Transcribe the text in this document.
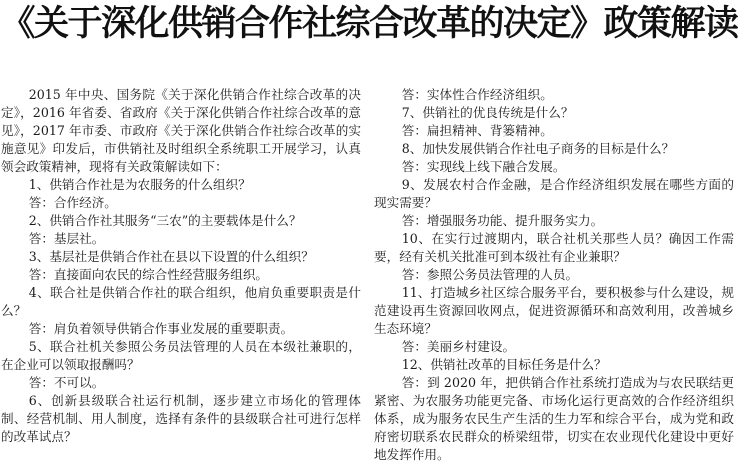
《关于深化供销合作社综合改革的决定》政策解读

2015 年中央、国务院《关于深化供销合作社综合改革的决定》，2016 年省委、省政府《关于深化供销合作社综合改革的意见》，2017 年市委、市政府《关于深化供销合作社综合改革的实施意见》印发后，市供销社及时组织全系统职工开展学习，认真领会政策精神，现将有关政策解读如下：

1、供销合作社是为农服务的什么组织？

答：合作经济。

2、供销合作社其服务“三农”的主要载体是什么？

答：基层社。

3、基层社是供销合作社在县以下设置的什么组织？

答：直接面向农民的综合性经营服务组织。

4、联合社是供销合作社的联合组织，他肩负重要职责是什么？

答：肩负着领导供销合作事业发展的重要职责。

5、联合社机关参照公务员法管理的人员在本级社兼职的，在企业可以领取报酬吗？

答：不可以。

6、创新县级联合社运行机制，逐步建立市场化的管理体制、经营机制、用人制度，选择有条件的县级联合社可进行怎样的改革试点？

答：实体性合作经济组织。

7、供销社的优良传统是什么？

答：扁担精神、背篓精神。

8、加快发展供销合作社电子商务的目标是什么？

答：实现线上线下融合发展。

9、发展农村合作金融，是合作经济组织发展在哪些方面的现实需要？

答：增强服务功能、提升服务实力。

10、在实行过渡期内，联合社机关那些人员？确因工作需要，经有关机关批准可到本级社有企业兼职？

答：参照公务员法管理的人员。

11、打造城乡社区综合服务平台，要积极参与什么建设，规范建设再生资源回收网点，促进资源循环和高效利用，改善城乡生态环境？

答：美丽乡村建设。

12、供销社改革的目标任务是什么？

答：到 2020 年，把供销合作社系统打造成为与农民联结更紧密、为农服务功能更完备、市场化运行更高效的合作经济组织体系，成为服务农民生产生活的生力军和综合平台，成为党和政府密切联系农民群众的桥梁纽带，切实在农业现代化建设中更好地发挥作用。
